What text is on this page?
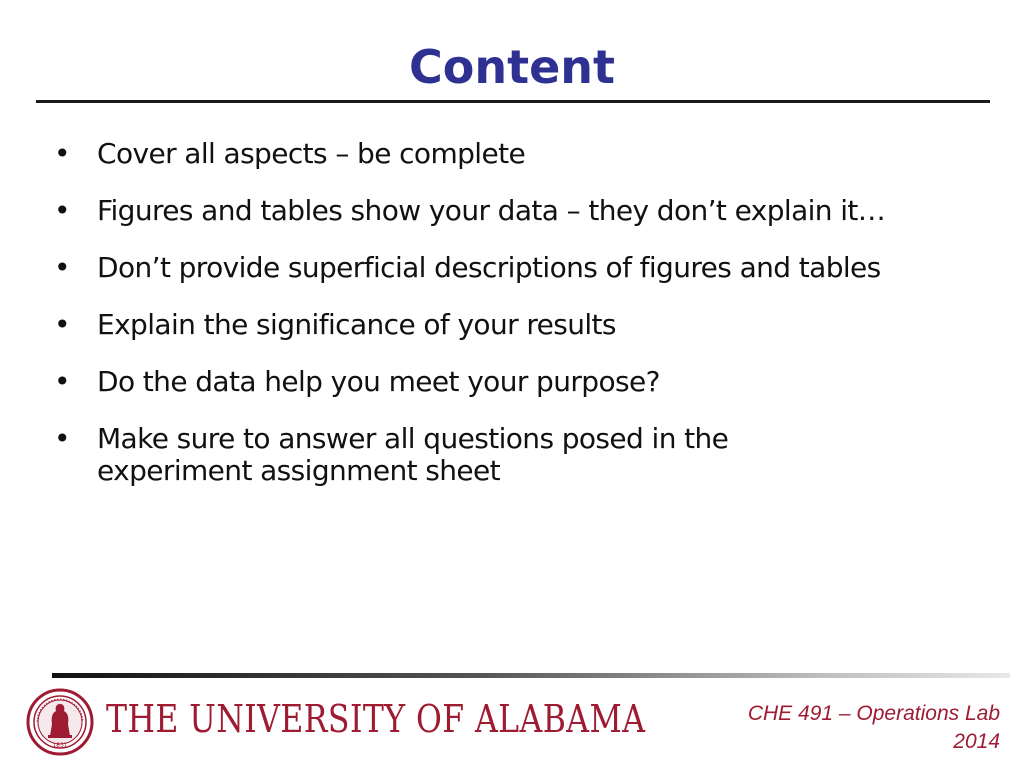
Content
• Cover all aspects – be complete
• Figures and tables show your data – they don’t explain it…
• Don’t provide superficial descriptions of figures and tables
• Explain the significance of your results
• Do the data help you meet your purpose?
• Make sure to answer all questions posed in the
experiment assignment sheet
1831
THE UNIVERSITY OF ALABAMA	CHE 491 – Operations Lab
2014
